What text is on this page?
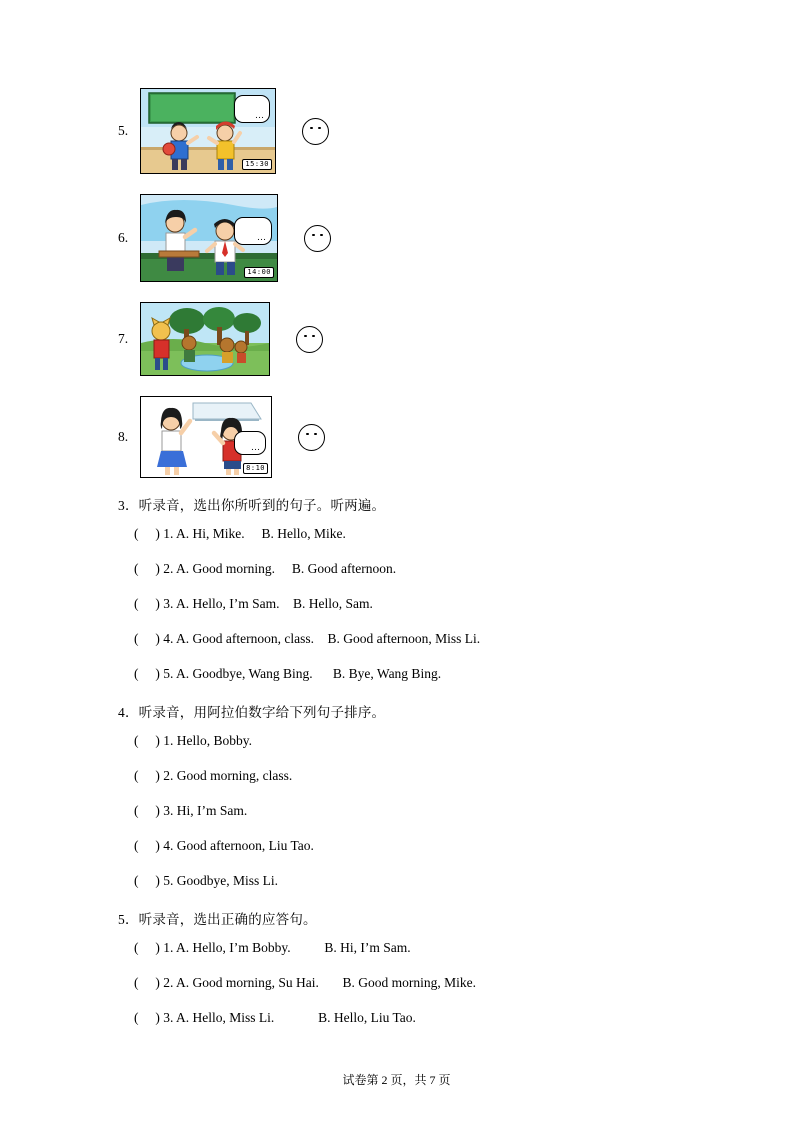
5.
…
15:30
6.	…
14:00
7.
8.
…
8:10
3．听录音，选出你所听到的句子。听两遍。
(     ) 1. A. Hi, Mike.     B. Hello, Mike.
(     ) 2. A. Good morning.     B. Good afternoon.
(     ) 3. A. Hello, I’m Sam.    B. Hello, Sam.
(     ) 4. A. Good afternoon, class.    B. Good afternoon, Miss Li.
(     ) 5. A. Goodbye, Wang Bing.      B. Bye, Wang Bing.
4．听录音，用阿拉伯数字给下列句子排序。
(     ) 1. Hello, Bobby.
(     ) 2. Good morning, class.
(     ) 3. Hi, I’m Sam.
(     ) 4. Good afternoon, Liu Tao.
(     ) 5. Goodbye, Miss Li.
5．听录音，选出正确的应答句。
(     ) 1. A. Hello, I’m Bobby.          B. Hi, I’m Sam.
(     ) 2. A. Good morning, Su Hai.       B. Good morning, Mike.
(     ) 3. A. Hello, Miss Li.             B. Hello, Liu Tao.
试卷第 2 页，共 7 页
